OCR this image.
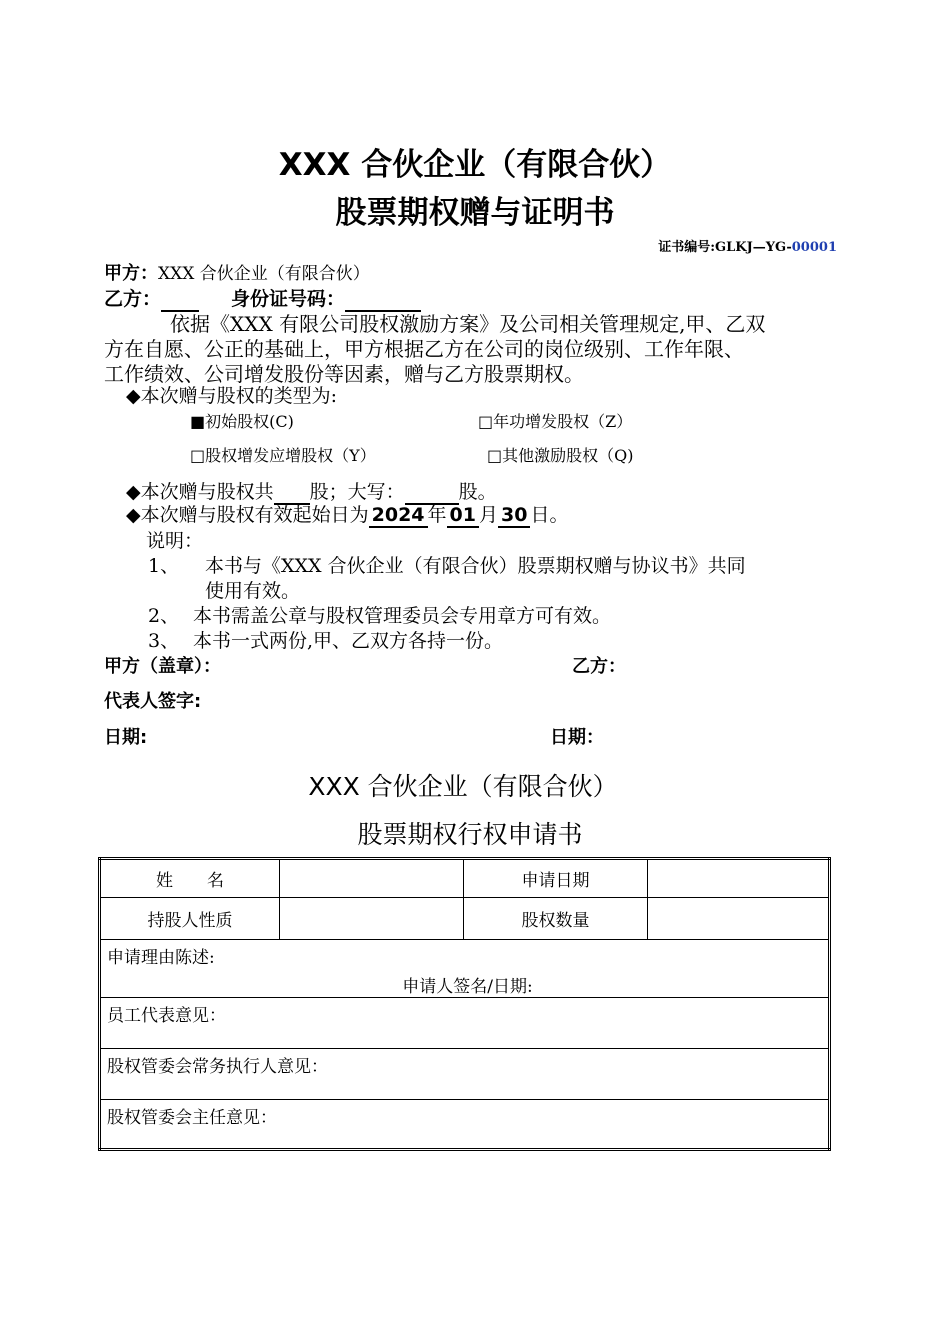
XXX 合伙企业（有限合伙）
股票期权赠与证明书
证书编号:GLKJ—YG-00001
甲方：XXX 合伙企业（有限合伙）
乙方：	身份证号码：
依据《XXX 有限公司股权激励方案》及公司相关管理规定,甲、乙双
方在自愿、公正的基础上，甲方根据乙方在公司的岗位级别、工作年限、
工作绩效、公司增发股份等因素，赠与乙方股票期权。
◆本次赠与股权的类型为:
■初始股权(C)	□年功增发股权（Z）
□股权增发应增股权（Y）	□其他激励股权（Q)
◆本次赠与股权共 股；大写：	股。
◆本次赠与股权有效起始日为 2024 年 01 月 30 日。
说明：
1、 本书与《XXX 合伙企业（有限合伙）股票期权赠与协议书》共同
使用有效。
2、 本书需盖公章与股权管理委员会专用章方可有效。
3、 本书一式两份,甲、乙双方各持一份。
甲方（盖章）：	乙方：
代表人签字:
日期:	日期：
XXX 合伙企业（有限合伙）
股票期权行权申请书
姓　　名		申请日期	
持股人性质		股权数量	
申请理由陈述:
申请人签名/日期:			

员工代表意见：			
股权管委会常务执行人意见：			
股权管委会主任意见：			
